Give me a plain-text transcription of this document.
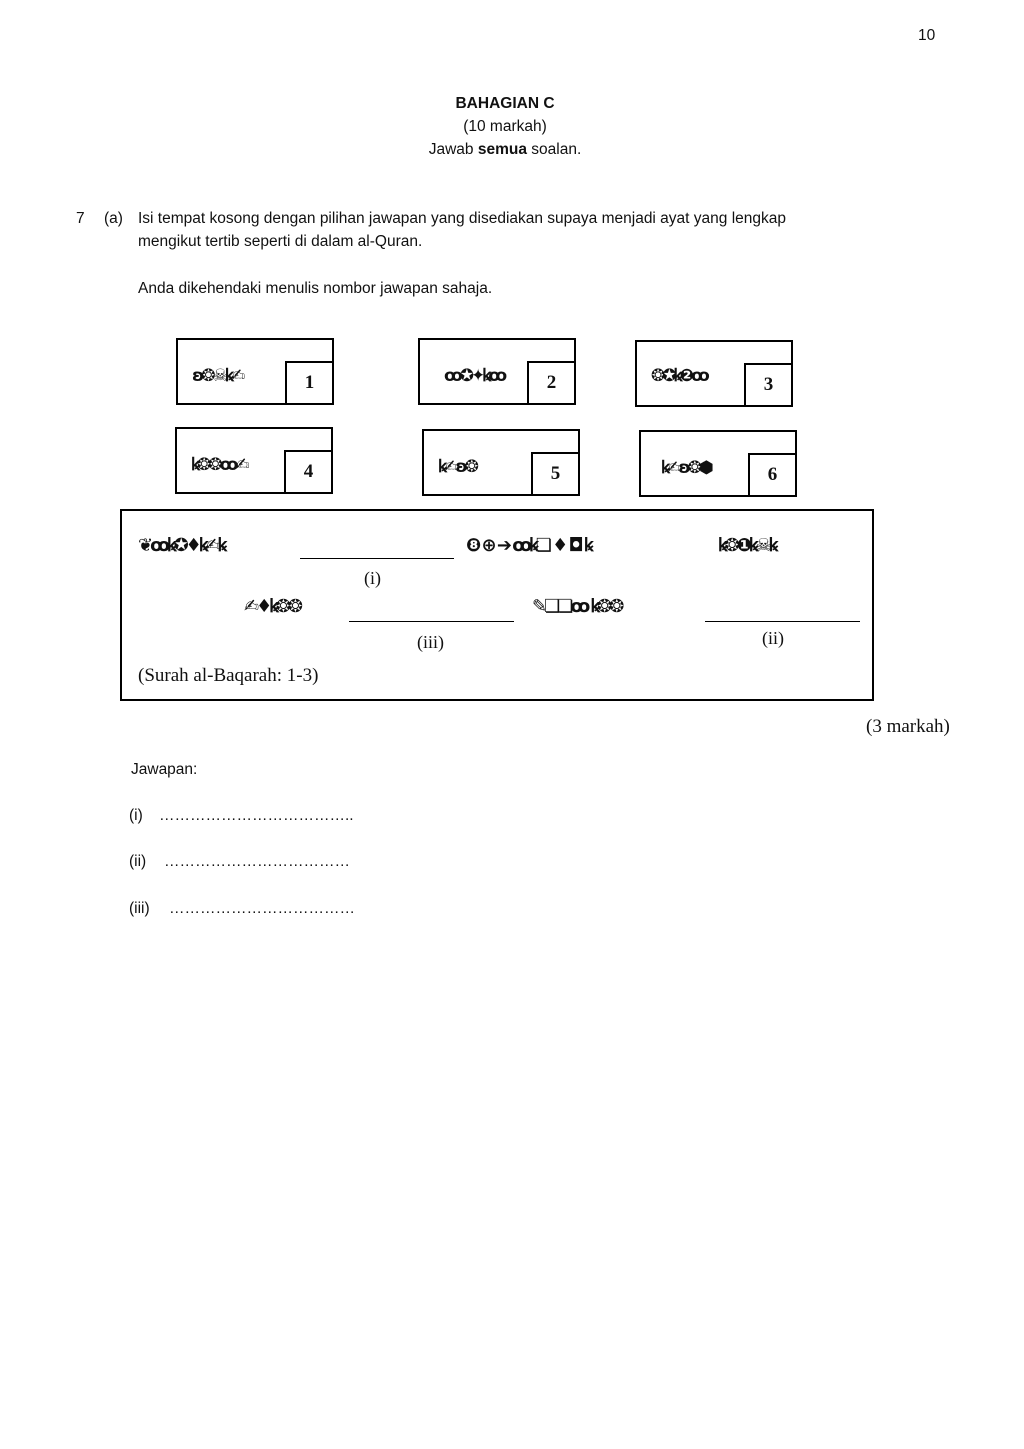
10
BAHAGIAN C
(10 markah)
Jawab semua soalan.
7 (a) Isi tempat kosong dengan pilihan jawapan yang disediakan supaya menjadi ayat yang lengkap
mengikut tertib seperti di dalam al-Quran.
Anda dikehendaki menulis nombor jawapan sahaja.
ʚ❂☠ꝃ✍	1	ꝏ✪✦ꝃꝏ	2	❂✪ꝃ❷ꝏ	3
ꝃ❂❂ꝏ✍	4	ꝃ✍ʚ❂	5	ꝃ✍ʚ❂⬢	6
❦ꝏꝃ✪♦ꝃ✍ꝃ	❽ ⊕ ➔ ꝏꝃ❏ ♦ ◘ ꝃ	ꝃ❂❶ꝃ☠ꝃ
(i)
✍♦ꝃ❂❂	✎❏❏ꝏ ꝃ❂❂
(iii)	(ii)
(Surah al-Baqarah: 1-3)
(3 markah)
Jawapan:
(i) ………………………………..
(ii) ………………………………
(iii) ………………………………
